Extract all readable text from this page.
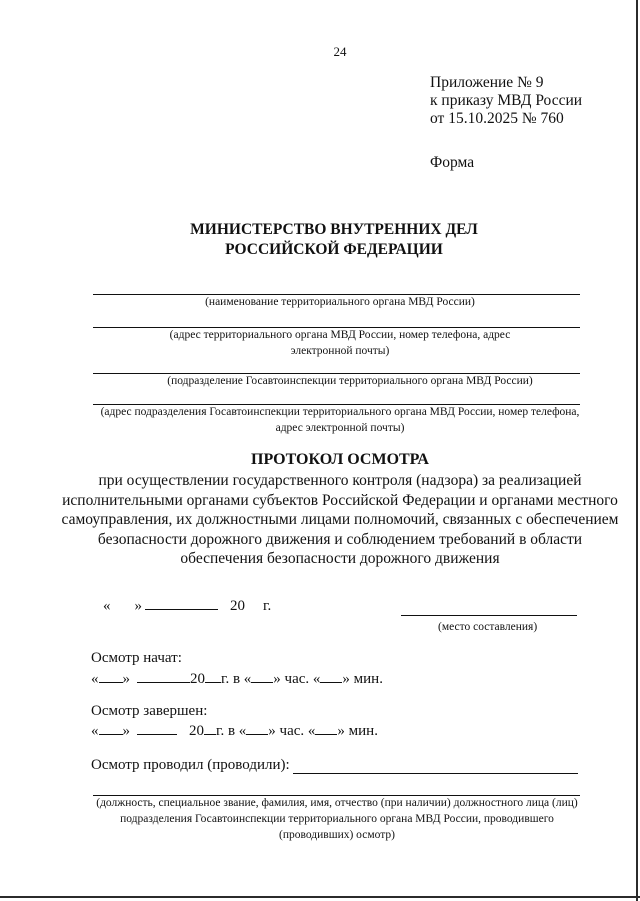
24
Приложение № 9
к приказу МВД России
от 15.10.2025 № 760
Форма
МИНИСТЕРСТВО ВНУТРЕННИХ ДЕЛ
РОССИЙСКОЙ ФЕДЕРАЦИИ
(наименование территориального органа МВД России)
(адрес территориального органа МВД России, номер телефона, адрес электронной почты)
(подразделение Госавтоинспекции территориального органа МВД России)
(адрес подразделения Госавтоинспекции территориального органа МВД России, номер телефона, адрес электронной почты)
ПРОТОКОЛ ОСМОТРА
при осуществлении государственного контроля (надзора) за реализацией исполнительными органами субъектов Российской Федерации и органами местного самоуправления, их должностными лицами полномочий, связанных с обеспечением безопасности дорожного движения и соблюдением требований в области обеспечения безопасности дорожного движения
« »	20 г.
(место составления)
Осмотр начат:
« »	20 г. в « » час. « » мин.
Осмотр завершен:
« »	20 г. в « » час. « » мин.
Осмотр проводил (проводили):
(должность, специальное звание, фамилия, имя, отчество (при наличии) должностного лица (лиц) подразделения Госавтоинспекции территориального органа МВД России, проводившего (проводивших) осмотр)
